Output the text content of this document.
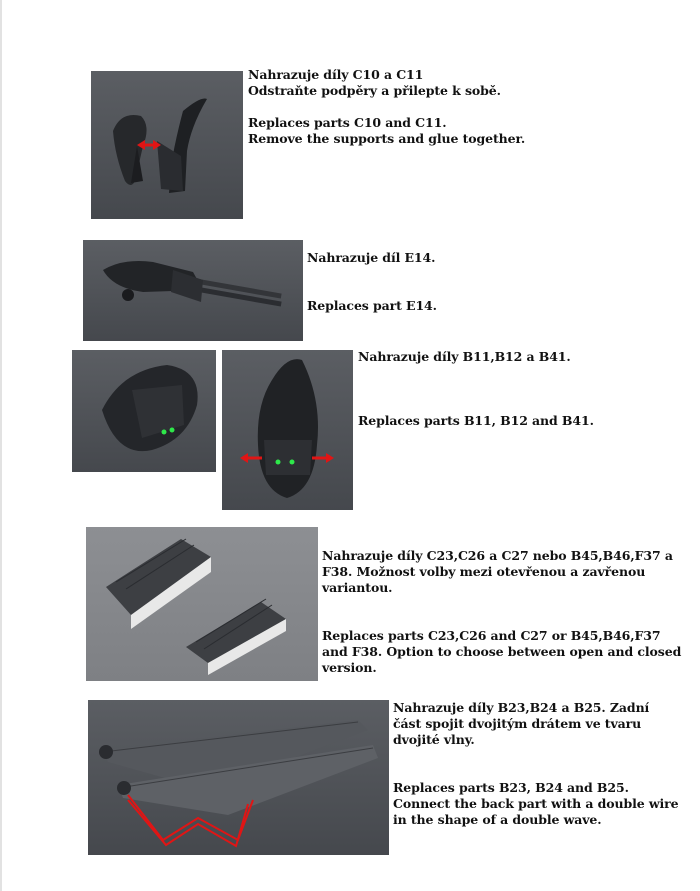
Nahrazuje díly C10 a C11
Odstraňte podpěry a přilepte k sobě.

Replaces parts C10 and C11.
Remove the supports and glue together.

Nahrazuje díl E14.

Replaces part E14.

Nahrazuje díly B11,B12 a B41.

Replaces parts B11, B12 and B41.

Nahrazuje díly C23,C26 a C27 nebo B45,B46,F37 a
F38. Možnost volby mezi otevřenou a zavřenou
variantou.

Replaces parts C23,C26 and C27 or B45,B46,F37
and F38. Option to choose between open and closed
version.

Nahrazuje díly B23,B24 a B25. Zadní
část spojit dvojitým drátem ve tvaru
dvojité vlny.

Replaces parts B23, B24 and B25.
Connect the back part with a double wire
in the shape of a double wave.
